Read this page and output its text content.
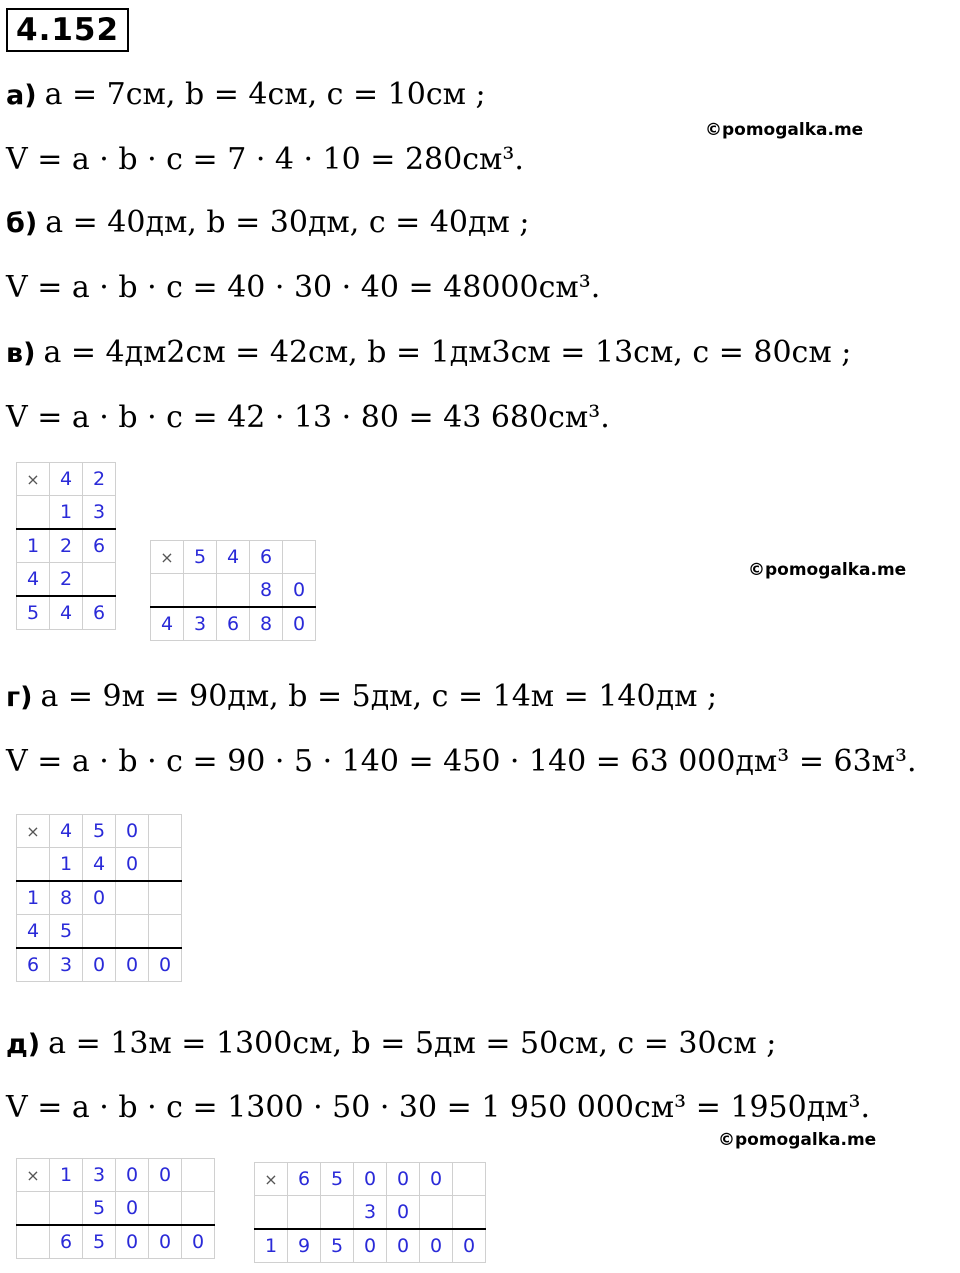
4.152
а) a = 7см, b = 4см, c = 10см ;
©pomogalka.me
V = a · b · c = 7 · 4 · 10 = 280см³.
б) a = 40дм, b = 30дм, c = 40дм ;
V = a · b · c = 40 · 30 · 40 = 48000см³.
в) a = 4дм2см = 42см, b = 1дм3см = 13см, c = 80см ;
V = a · b · c = 42 · 13 · 80 = 43 680см³.
×	4	2
	1	3
1	2	6
4	2	
5	4	6
×	5	4	6	
			8	0
4	3	6	8	0
©pomogalka.me
г) a = 9м = 90дм, b = 5дм, c = 14м = 140дм ;
V = a · b · c = 90 · 5 · 140 = 450 · 140 = 63 000дм³ = 63м³.
×	4	5	0	
	1	4	0	
1	8	0		
4	5			
6	3	0	0	0
д) a = 13м = 1300см, b = 5дм = 50см, c = 30см ;
V = a · b · c = 1300 · 50 · 30 = 1 950 000см³ = 1950дм³.
©pomogalka.me
×	1	3	0	0	
		5	0		
	6	5	0	0	0
×	6	5	0	0	0	
			3	0		
1	9	5	0	0	0	0
